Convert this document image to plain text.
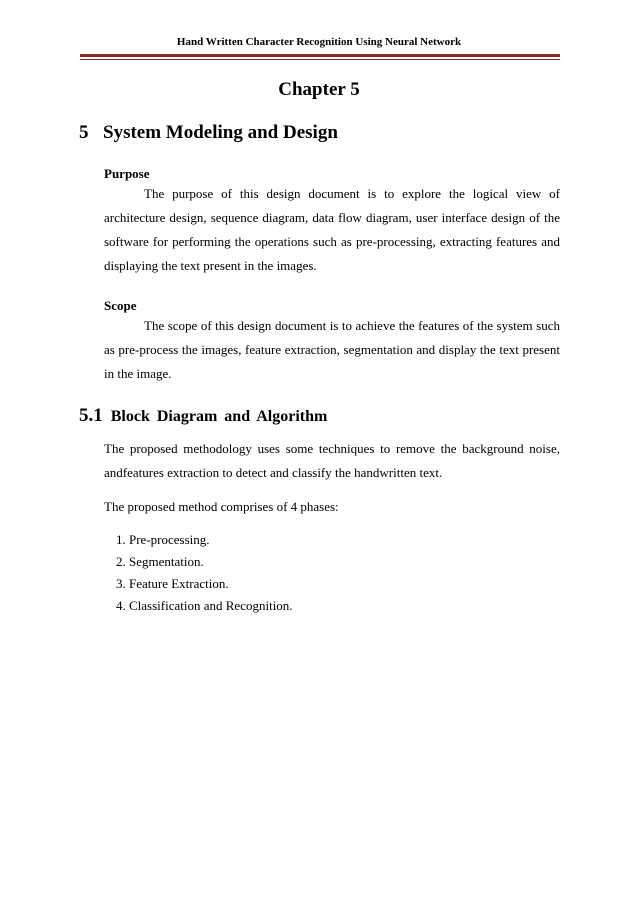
Hand Written Character Recognition Using Neural Network
Chapter 5
5 System Modeling and Design
Purpose
The purpose of this design document is to explore the logical view of architecture design, sequence diagram, data flow diagram, user interface design of the software for performing the operations such as pre-processing, extracting features and displaying the text present in the images.
Scope
The scope of this design document is to achieve the features of the system such as pre-process the images, feature extraction, segmentation and display the text present in the image.
5.1 Block Diagram and Algorithm
The proposed methodology uses some techniques to remove the background noise, andfeatures extraction to detect and classify the handwritten text.
The proposed method comprises of 4 phases:
1. Pre-processing.
2. Segmentation.
3. Feature Extraction.
4. Classification and Recognition.
